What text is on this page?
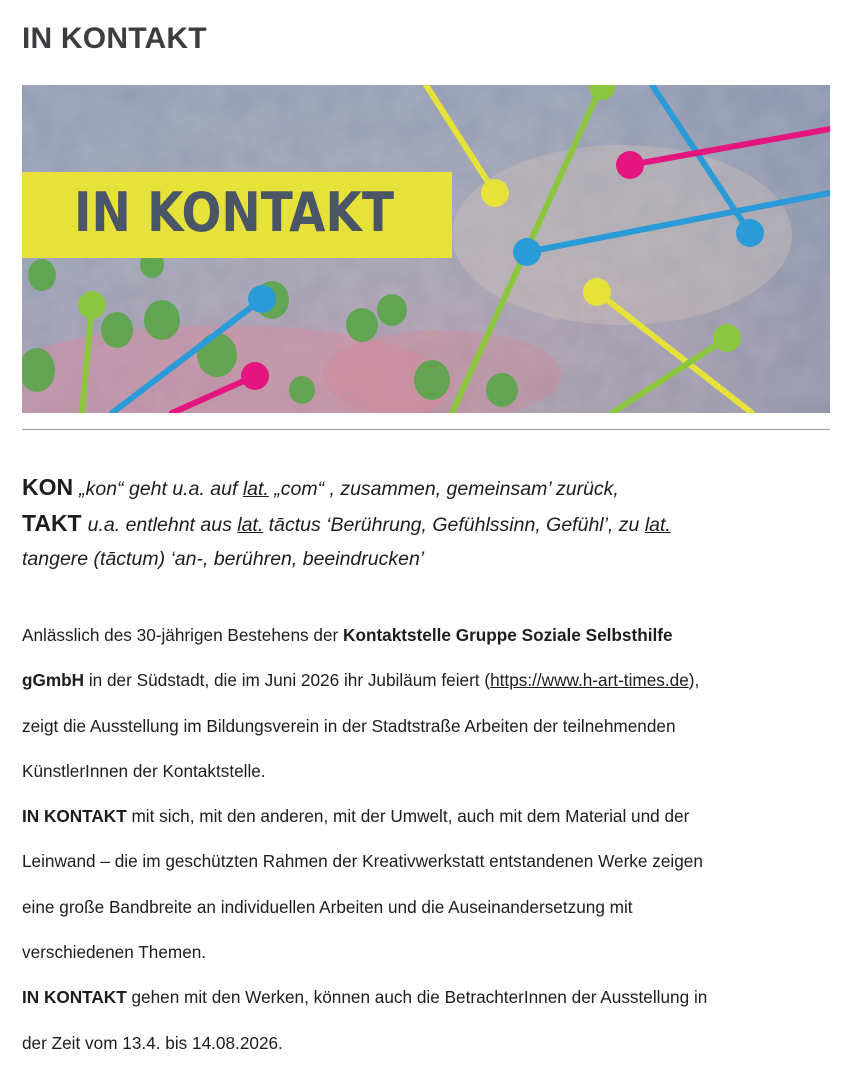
IN KONTAKT
IN KONTAKT
KON „kon“ geht u.a. auf lat. „com“ , zusammen, gemeinsam’ zurück,
TAKT u.a. entlehnt aus lat. tāctus ‘Berührung, Gefühlssinn, Gefühl’, zu lat.
tangere (tāctum) ‘an-, berühren, beeindrucken’
Anlässlich des 30-jährigen Bestehens der Kontaktstelle Gruppe Soziale Selbsthilfe
gGmbH in der Südstadt, die im Juni 2026 ihr Jubiläum feiert (https://www.h-art-times.de),
zeigt die Ausstellung im Bildungsverein in der Stadtstraße Arbeiten der teilnehmenden
KünstlerInnen der Kontaktstelle.
IN KONTAKT mit sich, mit den anderen, mit der Umwelt, auch mit dem Material und der
Leinwand – die im geschützten Rahmen der Kreativwerkstatt entstandenen Werke zeigen
eine große Bandbreite an individuellen Arbeiten und die Auseinandersetzung mit
verschiedenen Themen.
IN KONTAKT gehen mit den Werken, können auch die BetrachterInnen der Ausstellung in
der Zeit vom 13.4. bis 14.08.2026.
